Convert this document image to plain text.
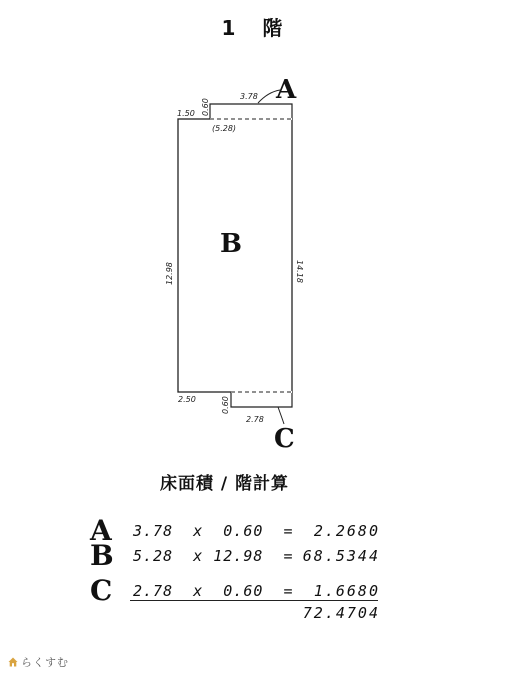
1 階
A
B
C
3.78
1.50 0.60
(5.28)
12.98	14.18
2.50	0.60
2.78
床面積 / 階計算
A 3.78  x  0.60  = 2.2680
B 5.28  x 12.98  = 68.5344
C 2.78  x  0.60  = 1.6680
72.4704
らくすむ
